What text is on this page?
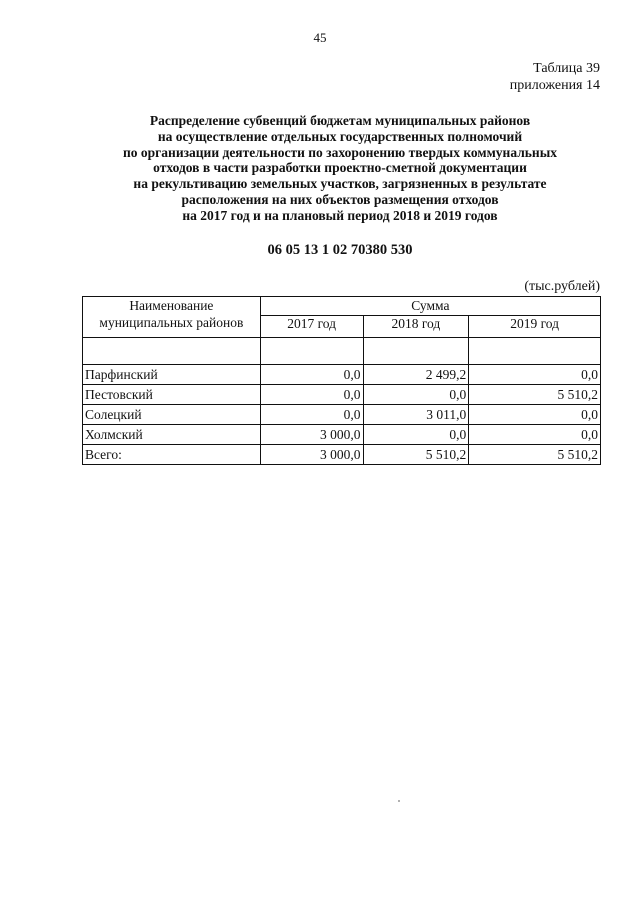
45
Таблица 39
приложения 14
Распределение субвенций бюджетам муниципальных районов
на осуществление отдельных государственных полномочий
по организации деятельности по захоронению твердых коммунальных
отходов в части разработки проектно-сметной документации
на рекультивацию земельных участков, загрязненных в результате
расположения на них объектов размещения отходов
на 2017 год и на плановый период 2018 и 2019 годов
06 05 13 1 02 70380 530
(тыс.рублей)
Наименование
муниципальных районов	Сумма		
	2017 год	2018 год	2019 год

Парфинский	0,0	2 499,2	0,0
Пестовский	0,0	0,0	5 510,2
Солецкий	0,0	3 011,0	0,0
Холмский	3 000,0	0,0	0,0
Всего:	3 000,0	5 510,2	5 510,2
